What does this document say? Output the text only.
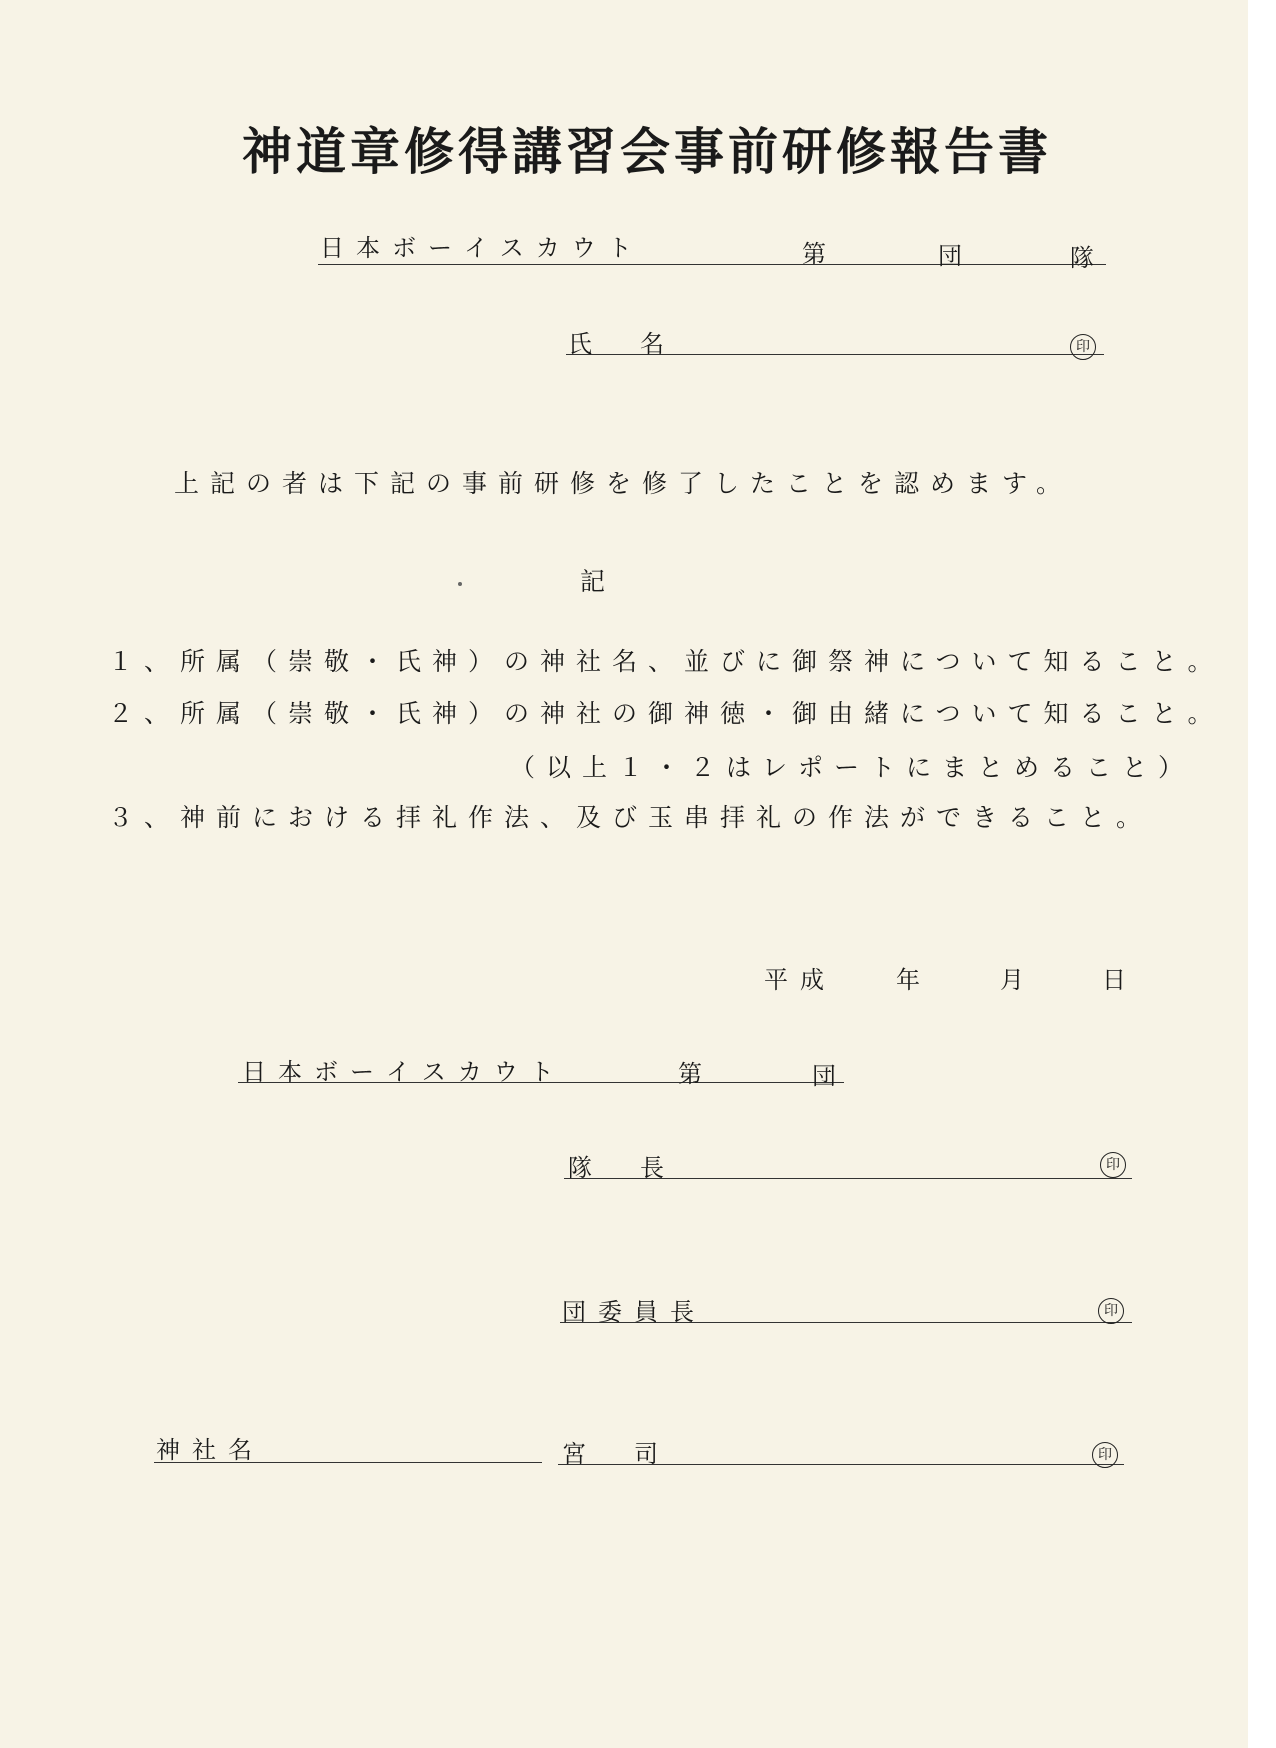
神道章修得講習会事前研修報告書
日本ボーイスカウト	第	団	隊
氏　名	印
上記の者は下記の事前研修を修了したことを認めます。
記
１、所属（崇敬・氏神）の神社名、並びに御祭神について知ること。
２、所属（崇敬・氏神）の神社の御神徳・御由緒について知ること。
（以上１・２はレポートにまとめること）
３、神前における拝礼作法、及び玉串拝礼の作法ができること。
平成	年	月	日
日本ボーイスカウト	第	団
隊　長	印
団委員長	印
神社名	宮　司	印
